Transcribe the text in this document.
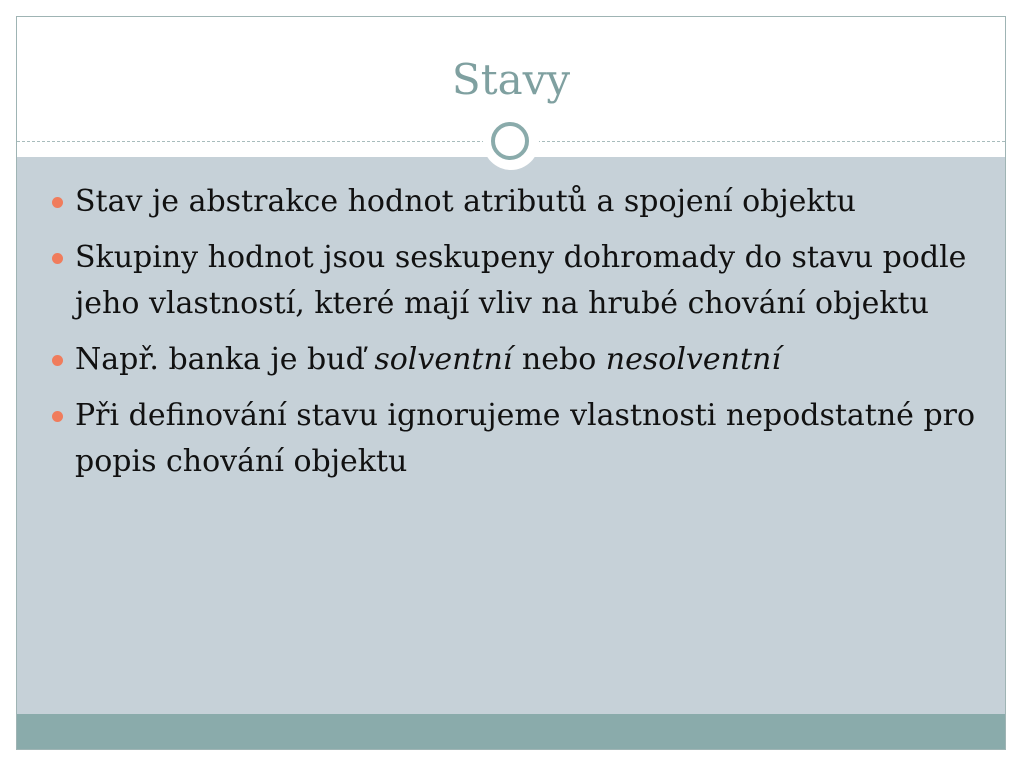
Stavy
Stav je abstrakce hodnot atributů a spojení objektu
Skupiny hodnot jsou seskupeny dohromady do stavu podle jeho vlastností, které mají vliv na hrubé chování objektu
Např. banka je buď solventní nebo nesolventní
Při definování stavu ignorujeme vlastnosti nepodstatné pro popis chování objektu
